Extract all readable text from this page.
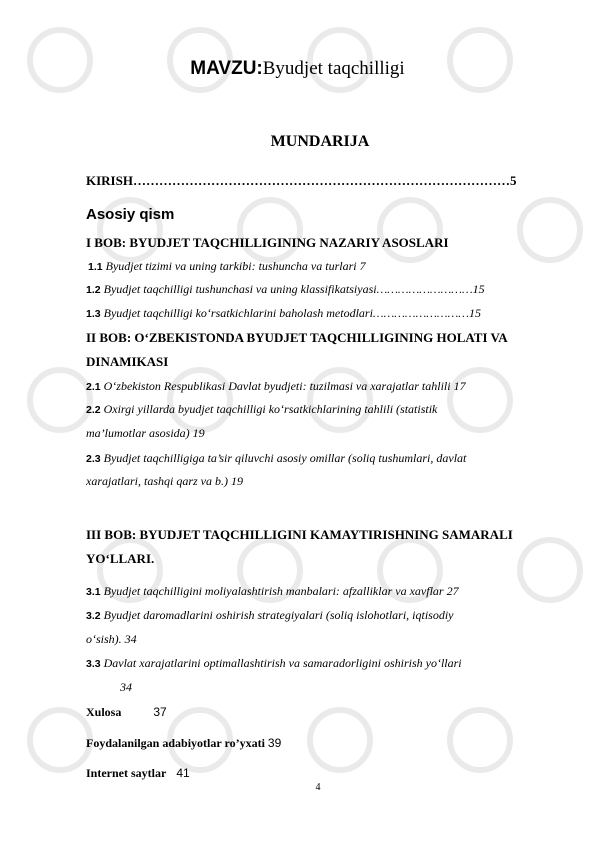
MAVZU:Byudjet taqchilligi
MUNDARIJA
KIRISH……………………………………………………………………………5
Asosiy qism
I BOB: BYUDJET TAQCHILLIGINING NAZARIY ASOSLARI
1.1 Byudjet tizimi va uning tarkibi: tushuncha va turlari 7
1.2 Byudjet taqchilligi tushunchasi va uning klassifikatsiyasi………………………15
1.3 Byudjet taqchilligi ko‘rsatkichlarini baholash metodlari………………………15
II BOB: O‘ZBEKISTONDA BYUDJET TAQCHILLIGINING HOLATI VA
DINAMIKASI
2.1 O‘zbekiston Respublikasi Davlat byudjeti: tuzilmasi va xarajatlar tahlili 17
2.2 Oxirgi yillarda byudjet taqchilligi ko‘rsatkichlarining tahlili (statistik
ma’lumotlar asosida) 19
2.3 Byudjet taqchilligiga ta’sir qiluvchi asosiy omillar (soliq tushumlari, davlat
xarajatlari, tashqi qarz va b.) 19
III BOB: BYUDJET TAQCHILLIGINI KAMAYTIRISHNING SAMARALI
YO‘LLARI.
3.1 Byudjet taqchilligini moliyalashtirish manbalari: afzalliklar va xavflar 27
3.2 Byudjet daromadlarini oshirish strategiyalari (soliq islohotlari, iqtisodiy
o‘sish). 34
3.3 Davlat xarajatlarini optimallashtirish va samaradorligini oshirish yo‘llari
34
Xulosa	37
Foydalanilgan adabiyotlar ro’yxati 39
Internet saytlar 41
4
